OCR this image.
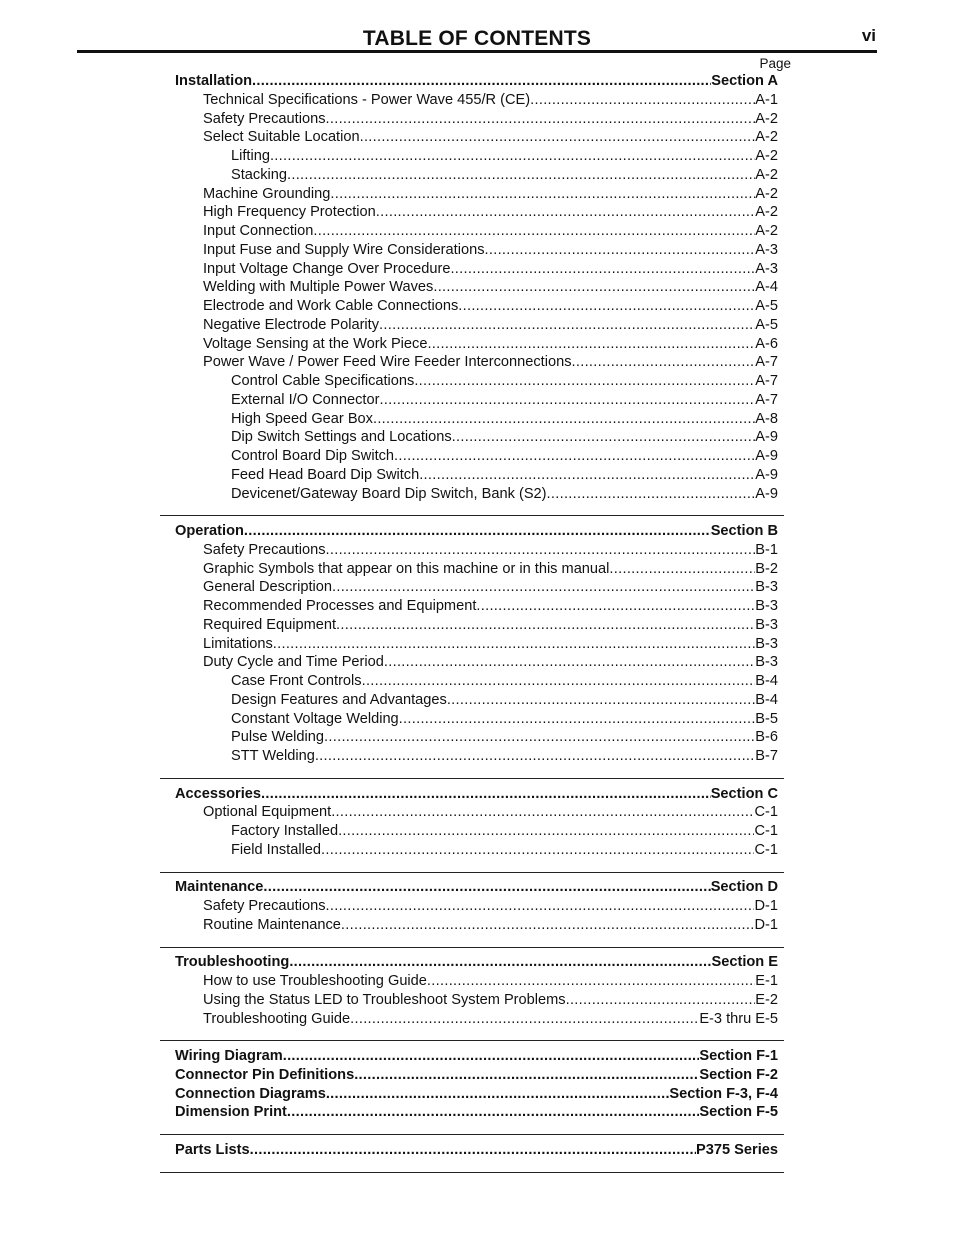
vi
TABLE OF CONTENTS
Page
Installation .....	Section A
Technical Specifications - Power Wave 455/R (CE) .....	A-1
Safety Precautions .....	A-2
Select Suitable Location .....	A-2
Lifting .....	A-2
Stacking .....	A-2
Machine Grounding .....	A-2
High Frequency Protection .....	A-2
Input Connection .....	A-2
Input Fuse and Supply Wire Considerations .....	A-3
Input Voltage Change Over Procedure .....	A-3
Welding with Multiple Power Waves .....	A-4
Electrode and Work Cable Connections .....	A-5
Negative Electrode Polarity .....	A-5
Voltage Sensing at the Work Piece .....	A-6
Power Wave / Power Feed Wire Feeder Interconnections .....	A-7
Control Cable Specifications .....	A-7
External I/O Connector .....	A-7
High Speed Gear Box .....	A-8
Dip Switch Settings and Locations .....	A-9
Control Board Dip Switch .....	A-9
Feed Head Board Dip Switch .....	A-9
Devicenet/Gateway Board Dip Switch, Bank (S2) .....	A-9
Operation .....	Section B
Safety Precautions .....	B-1
Graphic Symbols that appear on this machine or in this manual .....	B-2
General Description .....	B-3
Recommended Processes and Equipment .....	B-3
Required Equipment .....	B-3
Limitations .....	B-3
Duty Cycle and Time Period .....	B-3
Case Front Controls .....	B-4
Design Features and Advantages .....	B-4
Constant Voltage Welding .....	B-5
Pulse Welding .....	B-6
STT Welding .....	B-7
Accessories .....	Section C
Optional Equipment .....	C-1
Factory Installed .....	C-1
Field Installed .....	C-1
Maintenance .....	Section D
Safety Precautions .....	D-1
Routine Maintenance .....	D-1
Troubleshooting .....	Section E
How to use Troubleshooting Guide .....	E-1
Using the Status LED to Troubleshoot System Problems .....	E-2
Troubleshooting Guide .....	E-3 thru E-5
Wiring Diagram .....	Section F-1
Connector Pin Definitions .....	Section F-2
Connection Diagrams .....	Section F-3, F-4
Dimension Print .....	Section F-5
Parts Lists .....	P375 Series
